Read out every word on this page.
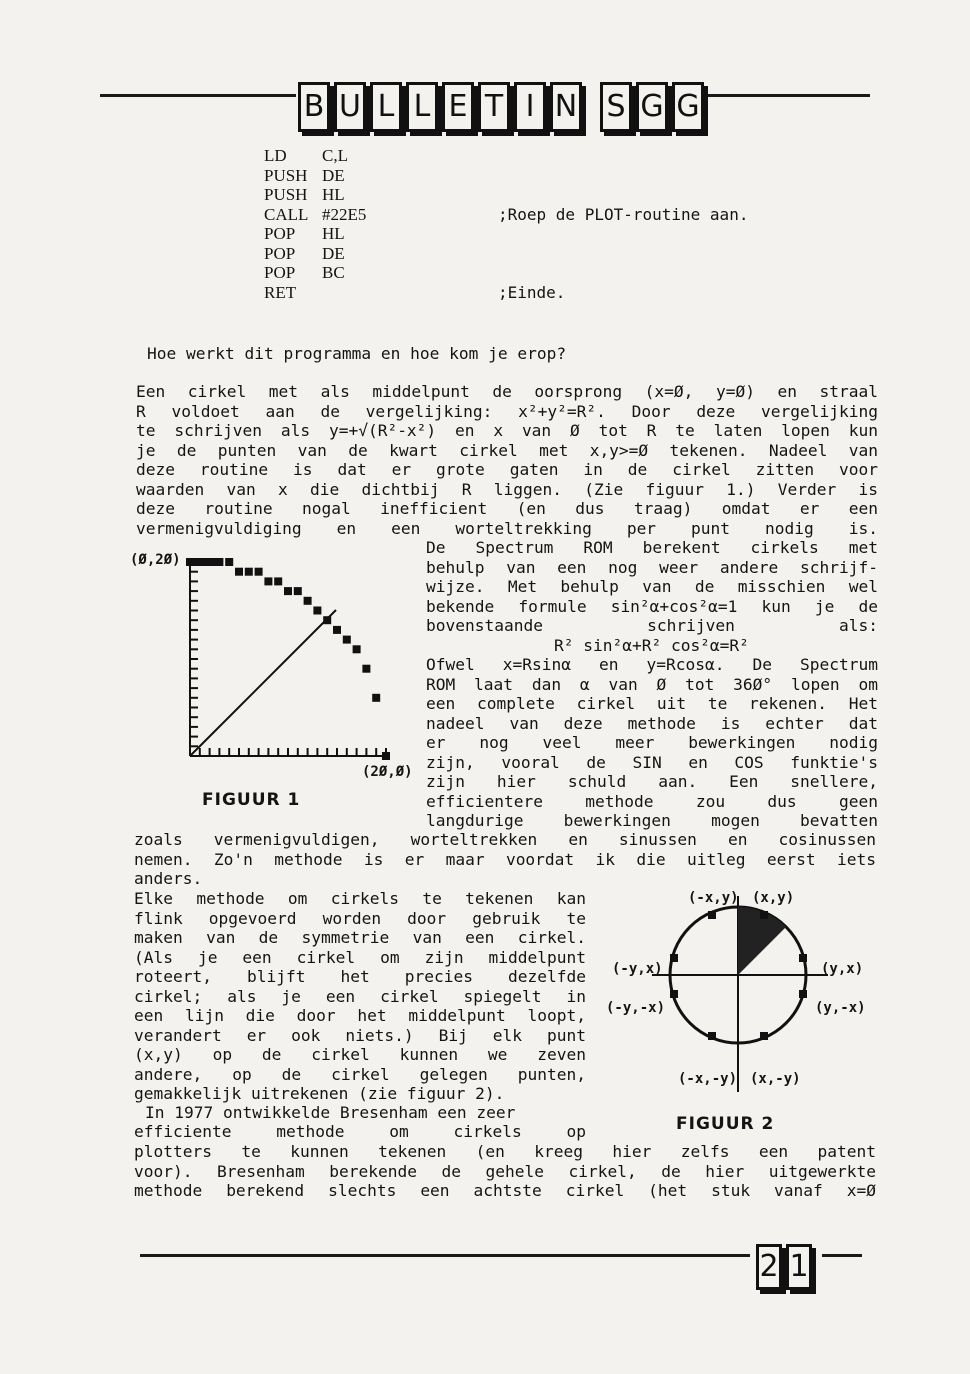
B U L L E T I N S G G
LD	C,L
PUSH DE
PUSH HL
CALL #22E5	;Roep de PLOT-routine aan.
POP	HL
POP	DE
POP	BC
RET	;Einde.
Hoe werkt dit programma en hoe kom je erop?
Een cirkel met als middelpunt de oorsprong (x=Ø, y=Ø) en straal
R voldoet aan de vergelijking: x²+y²=R². Door deze vergelijking
te schrijven als y=+√(R²-x²) en x van Ø tot R te laten lopen kun
je de punten van de kwart cirkel met x,y>=Ø tekenen. Nadeel van
deze routine is dat er grote gaten in de cirkel zitten voor
waarden van x die dichtbij R liggen. (Zie figuur 1.) Verder is
deze routine nogal inefficient (en dus traag) omdat er een
vermenigvuldiging en een worteltrekking per punt nodig is.
(Ø,2Ø)
(2Ø,Ø)
FIGUUR 1
De Spectrum ROM berekent cirkels met
behulp van een nog weer andere schrijf-
wijze. Met behulp van de misschien wel
bekende formule sin²α+cos²α=1 kun je de
bovenstaande schrijven als:
R² sin²α+R² cos²α=R²
Ofwel x=Rsinα en y=Rcosα. De Spectrum
ROM laat dan α van Ø tot 36Ø° lopen om
een complete cirkel uit te rekenen. Het
nadeel van deze methode is echter dat
er nog veel meer bewerkingen nodig
zijn, vooral de SIN en COS funktie's
zijn hier schuld aan. Een snellere,
efficientere methode zou dus geen
langdurige bewerkingen mogen bevatten
zoals vermenigvuldigen, worteltrekken en sinussen en cosinussen
nemen. Zo'n methode is er maar voordat ik die uitleg eerst iets
anders.
Elke methode om cirkels te tekenen kan
flink opgevoerd worden door gebruik te
maken van de symmetrie van een cirkel.
(Als je een cirkel om zijn middelpunt
roteert, blijft het precies dezelfde
cirkel; als je een cirkel spiegelt in
een lijn die door het middelpunt loopt,
verandert er ook niets.) Bij elk punt
(x,y) op de cirkel kunnen we zeven
andere, op de cirkel gelegen punten,
gemakkelijk uitrekenen (zie figuur 2).
(-x,y) (x,y)
(-y,x)	(y,x)
(-y,-x)	(y,-x)
(-x,-y) (x,-y)
FIGUUR 2
In 1977 ontwikkelde Bresenham een zeer
efficiente methode om cirkels op
plotters te kunnen tekenen (en kreeg hier zelfs een patent
voor). Bresenham berekende de gehele cirkel, de hier uitgewerkte
methode berekend slechts een achtste cirkel (het stuk vanaf x=Ø
2 1
